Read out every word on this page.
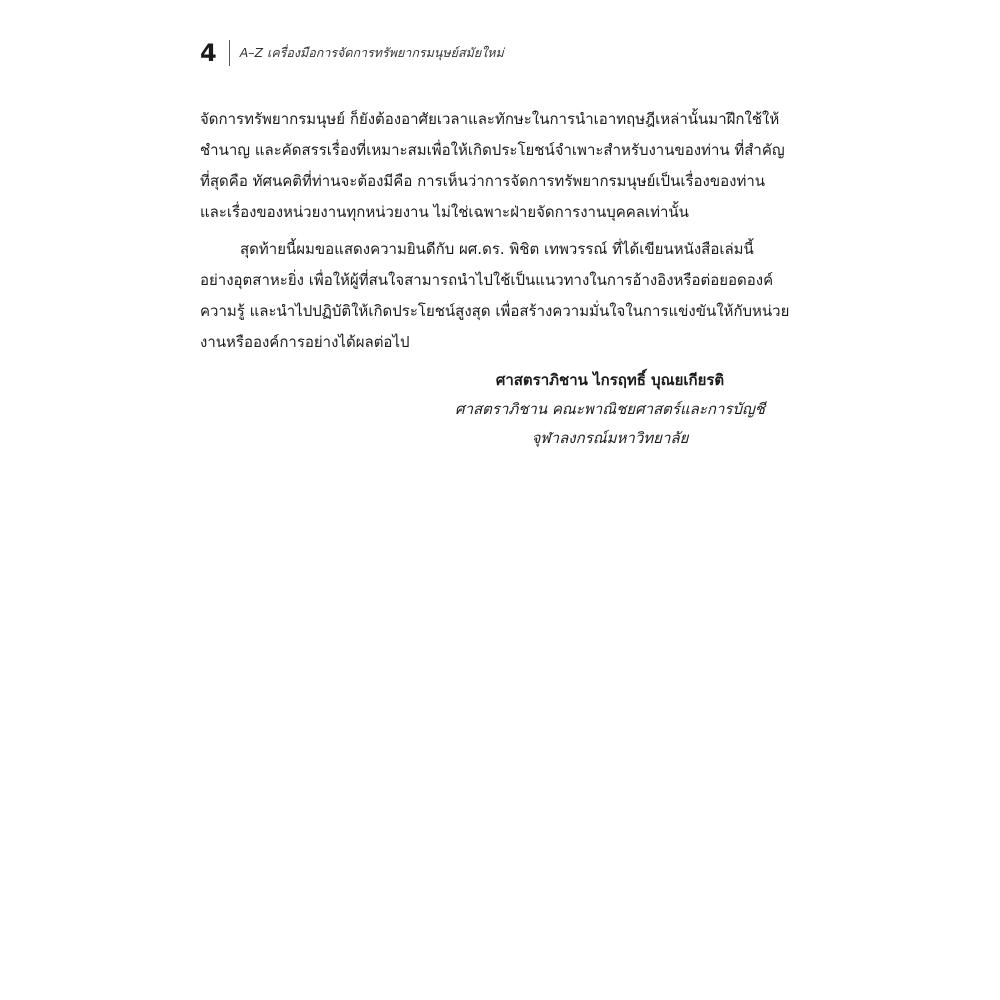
4 A–Z เครื่องมือการจัดการทรัพยากรมนุษย์สมัยใหม่

จัดการทรัพยากรมนุษย์ ก็ยังต้องอาศัยเวลาและทักษะในการนำเอาทฤษฎีเหล่านั้นมาฝึกใช้ให้
ชำนาญ และคัดสรรเรื่องที่เหมาะสมเพื่อให้เกิดประโยชน์จำเพาะสำหรับงานของท่าน ที่สำคัญ
ที่สุดคือ ทัศนคติที่ท่านจะต้องมีคือ การเห็นว่าการจัดการทรัพยากรมนุษย์เป็นเรื่องของท่าน
และเรื่องของหน่วยงานทุกหน่วยงาน ไม่ใช่เฉพาะฝ่ายจัดการงานบุคคลเท่านั้น

สุดท้ายนี้ผมขอแสดงความยินดีกับ ผศ.ดร. พิชิต เทพวรรณ์ ที่ได้เขียนหนังสือเล่มนี้
อย่างอุตสาหะยิ่ง เพื่อให้ผู้ที่สนใจสามารถนำไปใช้เป็นแนวทางในการอ้างอิงหรือต่อยอดองค์
ความรู้ และนำไปปฏิบัติให้เกิดประโยชน์สูงสุด เพื่อสร้างความมั่นใจในการแข่งขันให้กับหน่วย
งานหรือองค์การอย่างได้ผลต่อไป

ศาสตราภิชาน ไกรฤทธิ์ บุณยเกียรติ
ศาสตราภิชาน คณะพาณิชยศาสตร์และการบัญชี
จุฬาลงกรณ์มหาวิทยาลัย
